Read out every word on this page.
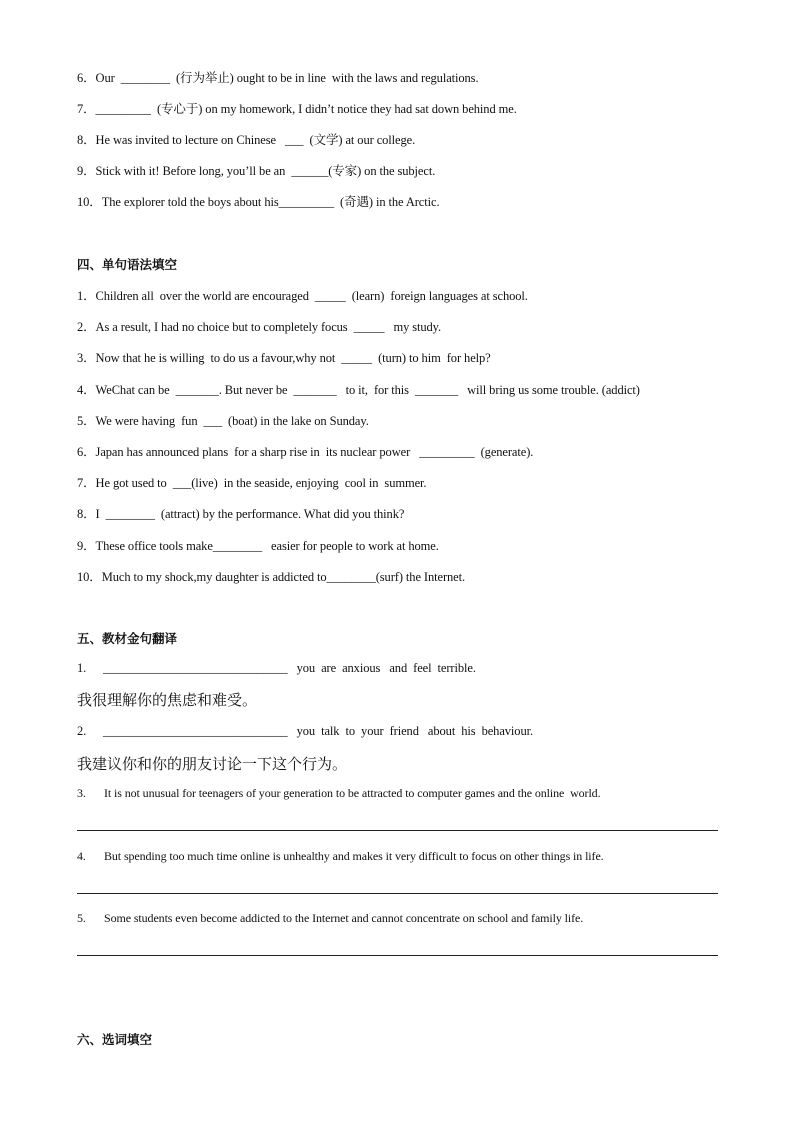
6．Our  ________  (行为举止) ought to be in line  with the laws and regulations.
7．_________  (专心于) on my homework, I didn’t notice they had sat down behind me.
8．He was invited to lecture on Chinese   ___  (文学) at our college.
9．Stick with it! Before long, you’ll be an  ______(专家) on the subject.
10．The explorer told the boys about his_________  (奇遇) in the Arctic.
四、单句语法填空
1．Children all  over the world are encouraged  _____  (learn)  foreign languages at school.
2．As a result, I had no choice but to completely focus  _____   my study.
3．Now that he is willing  to do us a favour,why not  _____  (turn) to him  for help?
4．WeChat can be  _______. But never be  _______   to it,  for this  _______   will bring us some trouble. (addict)
5．We were having  fun  ___  (boat) in the lake on Sunday.
6．Japan has announced plans  for a sharp rise in  its nuclear power   _________  (generate).
7．He got used to  ___(live)  in the seaside, enjoying  cool in  summer.
8．I  ________  (attract) by the performance. What did you think?
9．These office tools make________   easier for people to work at home.
10．Much to my shock,my daughter is addicted to________(surf) the Internet.
五、教材金句翻译
1. ______________________________   you  are  anxious   and  feel  terrible.
我很理解你的焦虑和难受。
2. ______________________________   you  talk  to  your  friend   about  his  behaviour.
我建议你和你的朋友讨论一下这个行为。
3. It is not unusual for teenagers of your generation to be attracted to computer games and the online  world.
4. But spending too much time online is unhealthy and makes it very difficult to focus on other things in life.
5. Some students even become addicted to the Internet and cannot concentrate on school and family life.
六、选词填空
